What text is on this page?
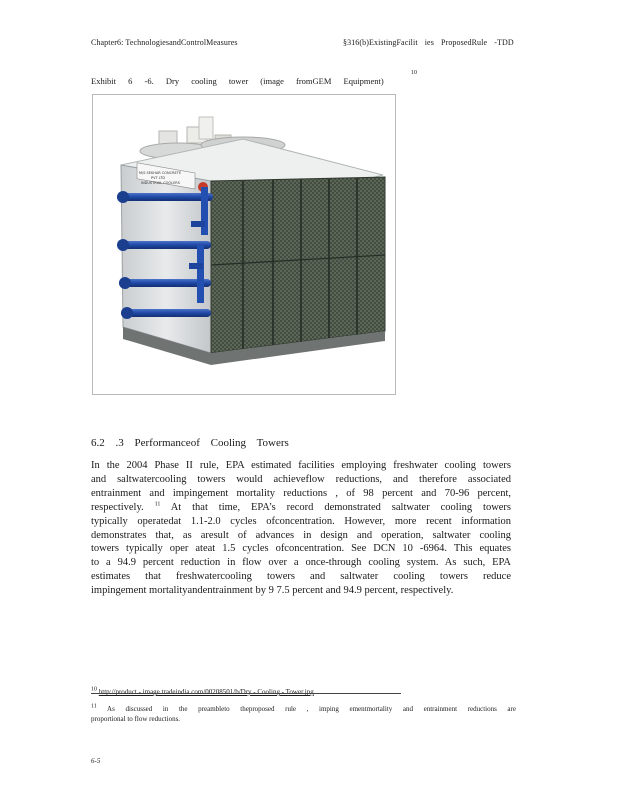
Chapter6: TechnologiesandControlMeasures	§316(b)ExistingFacilit ies ProposedRule -TDD
Exhibit 6 -6. Dry cooling tower (image fromGEM Equipment)
10
M/S SEKHAR CONCRETE
PVT LTD
INDUSTRIAL COOLERS
6.2 .3 Performanceof Cooling Towers
In the 2004 Phase II rule, EPA estimated facilities employing freshwater cooling towers
and saltwatercooling towers would achieveflow reductions, and therefore associated
entrainment and impingement mortality reductions , of 98 percent and 70-96 percent,
respectively. $^{11}$ At that time, EPA’s record demonstrated saltwater cooling towers
typically operatedat 1.1-2.0 cycles ofconcentration. However, more recent information
demonstrates that, as aresult of advances in design and operation, saltwater cooling
towers typically oper ateat 1.5 cycles ofconcentration. See DCN 10 -6964. This equates
to a 94.9 percent reduction in flow over a once-through cooling system. As such, EPA
estimates that freshwatercooling towers and saltwater cooling towers reduce
impingement mortalityandentrainment by 9 7.5 percent and 94.9 percent, respectively.
$^{10}$ http://product - image.tradeindia.com/00208501/b/Dry - Cooling - Tower.jpg
$^{11}$ As discussed in the preambleto theproposed rule , imping ementmortality and entrainment reductions are
proportional to flow reductions.
6-5
